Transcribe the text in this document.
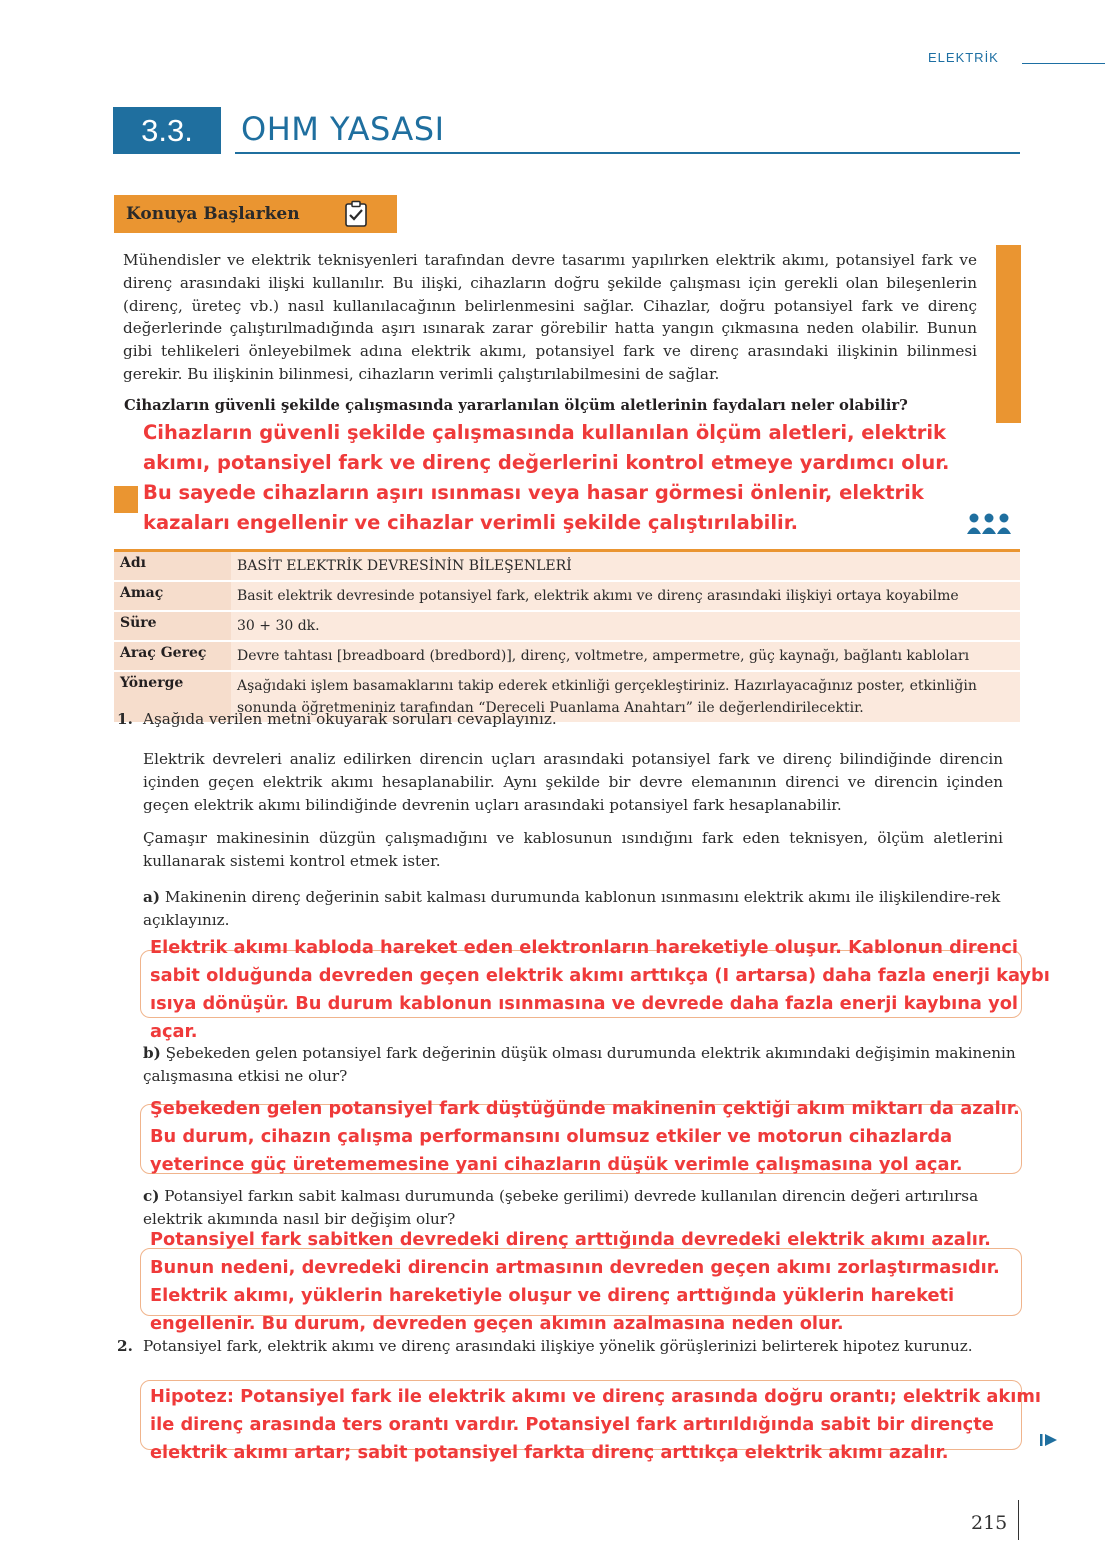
ELEKTRİK
3.3.	OHM YASASI
Konuya Başlarken
Mühendisler ve elektrik teknisyenleri tarafından devre tasarımı yapılırken elektrik akımı, potansiyel fark ve direnç arasındaki ilişki kullanılır. Bu ilişki, cihazların doğru şekilde çalışması için gerekli olan bileşenlerin (direnç, üreteç vb.) nasıl kullanılacağının belirlenmesini sağlar. Cihazlar, doğru potansiyel fark ve direnç değerlerinde çalıştırılmadığında aşırı ısınarak zarar görebilir hatta yangın çıkmasına neden olabilir. Bunun gibi tehlikeleri önleyebilmek adına elektrik akımı, potansiyel fark ve direnç arasındaki ilişkinin bilinmesi gerekir. Bu ilişkinin bilinmesi, cihazların verimli çalıştırılabilmesini de sağlar.
Cihazların güvenli şekilde çalışmasında yararlanılan ölçüm aletlerinin faydaları neler olabilir?
Cihazların güvenli şekilde çalışmasında kullanılan ölçüm aletleri, elektrik akımı, potansiyel fark ve direnç değerlerini kontrol etmeye yardımcı olur. Bu sayede cihazların aşırı ısınması veya hasar görmesi önlenir, elektrik kazaları engellenir ve cihazlar verimli şekilde çalıştırılabilir.
Adı	BASİT ELEKTRİK DEVRESİNİN BİLEŞENLERİ
Amaç	Basit elektrik devresinde potansiyel fark, elektrik akımı ve direnç arasındaki ilişkiyi ortaya koyabilme
Süre	30 + 30 dk.
Araç Gereç	Devre tahtası [breadboard (bredbord)], direnç, voltmetre, ampermetre, güç kaynağı, bağlantı kabloları
Yönerge	Aşağıdaki işlem basamaklarını takip ederek etkinliği gerçekleştiriniz. Hazırlayacağınız poster, etkinliğin sonunda öğretmeniniz tarafından “Dereceli Puanlama Anahtarı” ile değerlendirilecektir.
1. Aşağıda verilen metni okuyarak soruları cevaplayınız.
Elektrik devreleri analiz edilirken direncin uçları arasındaki potansiyel fark ve direnç bilindiğinde direncin içinden geçen elektrik akımı hesaplanabilir. Aynı şekilde bir devre elemanının direnci ve direncin içinden geçen elektrik akımı bilindiğinde devrenin uçları arasındaki potansiyel fark hesaplanabilir.
Çamaşır makinesinin düzgün çalışmadığını ve kablosunun ısındığını fark eden teknisyen, ölçüm aletlerini kullanarak sistemi kontrol etmek ister.
a) Makinenin direnç değerinin sabit kalması durumunda kablonun ısınmasını elektrik akımı ile ilişkilendire-rek açıklayınız.
Elektrik akımı kabloda hareket eden elektronların hareketiyle oluşur. Kablonun direnci sabit olduğunda devreden geçen elektrik akımı arttıkça (I artarsa) daha fazla enerji kaybı ısıya dönüşür. Bu durum kablonun ısınmasına ve devrede daha fazla enerji kaybına yol açar.
b) Şebekeden gelen potansiyel fark değerinin düşük olması durumunda elektrik akımındaki değişimin makinenin çalışmasına etkisi ne olur?
Şebekeden gelen potansiyel fark düştüğünde makinenin çektiği akım miktarı da azalır. Bu durum, cihazın çalışma performansını olumsuz etkiler ve motorun cihazlarda yeterince güç üretememesine yani cihazların düşük verimle çalışmasına yol açar.
c) Potansiyel farkın sabit kalması durumunda (şebeke gerilimi) devrede kullanılan direncin değeri artırılırsa elektrik akımında nasıl bir değişim olur?
Potansiyel fark sabitken devredeki direnç arttığında devredeki elektrik akımı azalır. Bunun nedeni, devredeki direncin artmasının devreden geçen akımı zorlaştırmasıdır. Elektrik akımı, yüklerin hareketiyle oluşur ve direnç arttığında yüklerin hareketi engellenir. Bu durum, devreden geçen akımın azalmasına neden olur.
2. Potansiyel fark, elektrik akımı ve direnç arasındaki ilişkiye yönelik görüşlerinizi belirterek hipotez kurunuz.
Hipotez: Potansiyel fark ile elektrik akımı ve direnç arasında doğru orantı; elektrik akımı ile direnç arasında ters orantı vardır. Potansiyel fark artırıldığında sabit bir dirençte elektrik akımı artar; sabit potansiyel farkta direnç arttıkça elektrik akımı azalır.
215
